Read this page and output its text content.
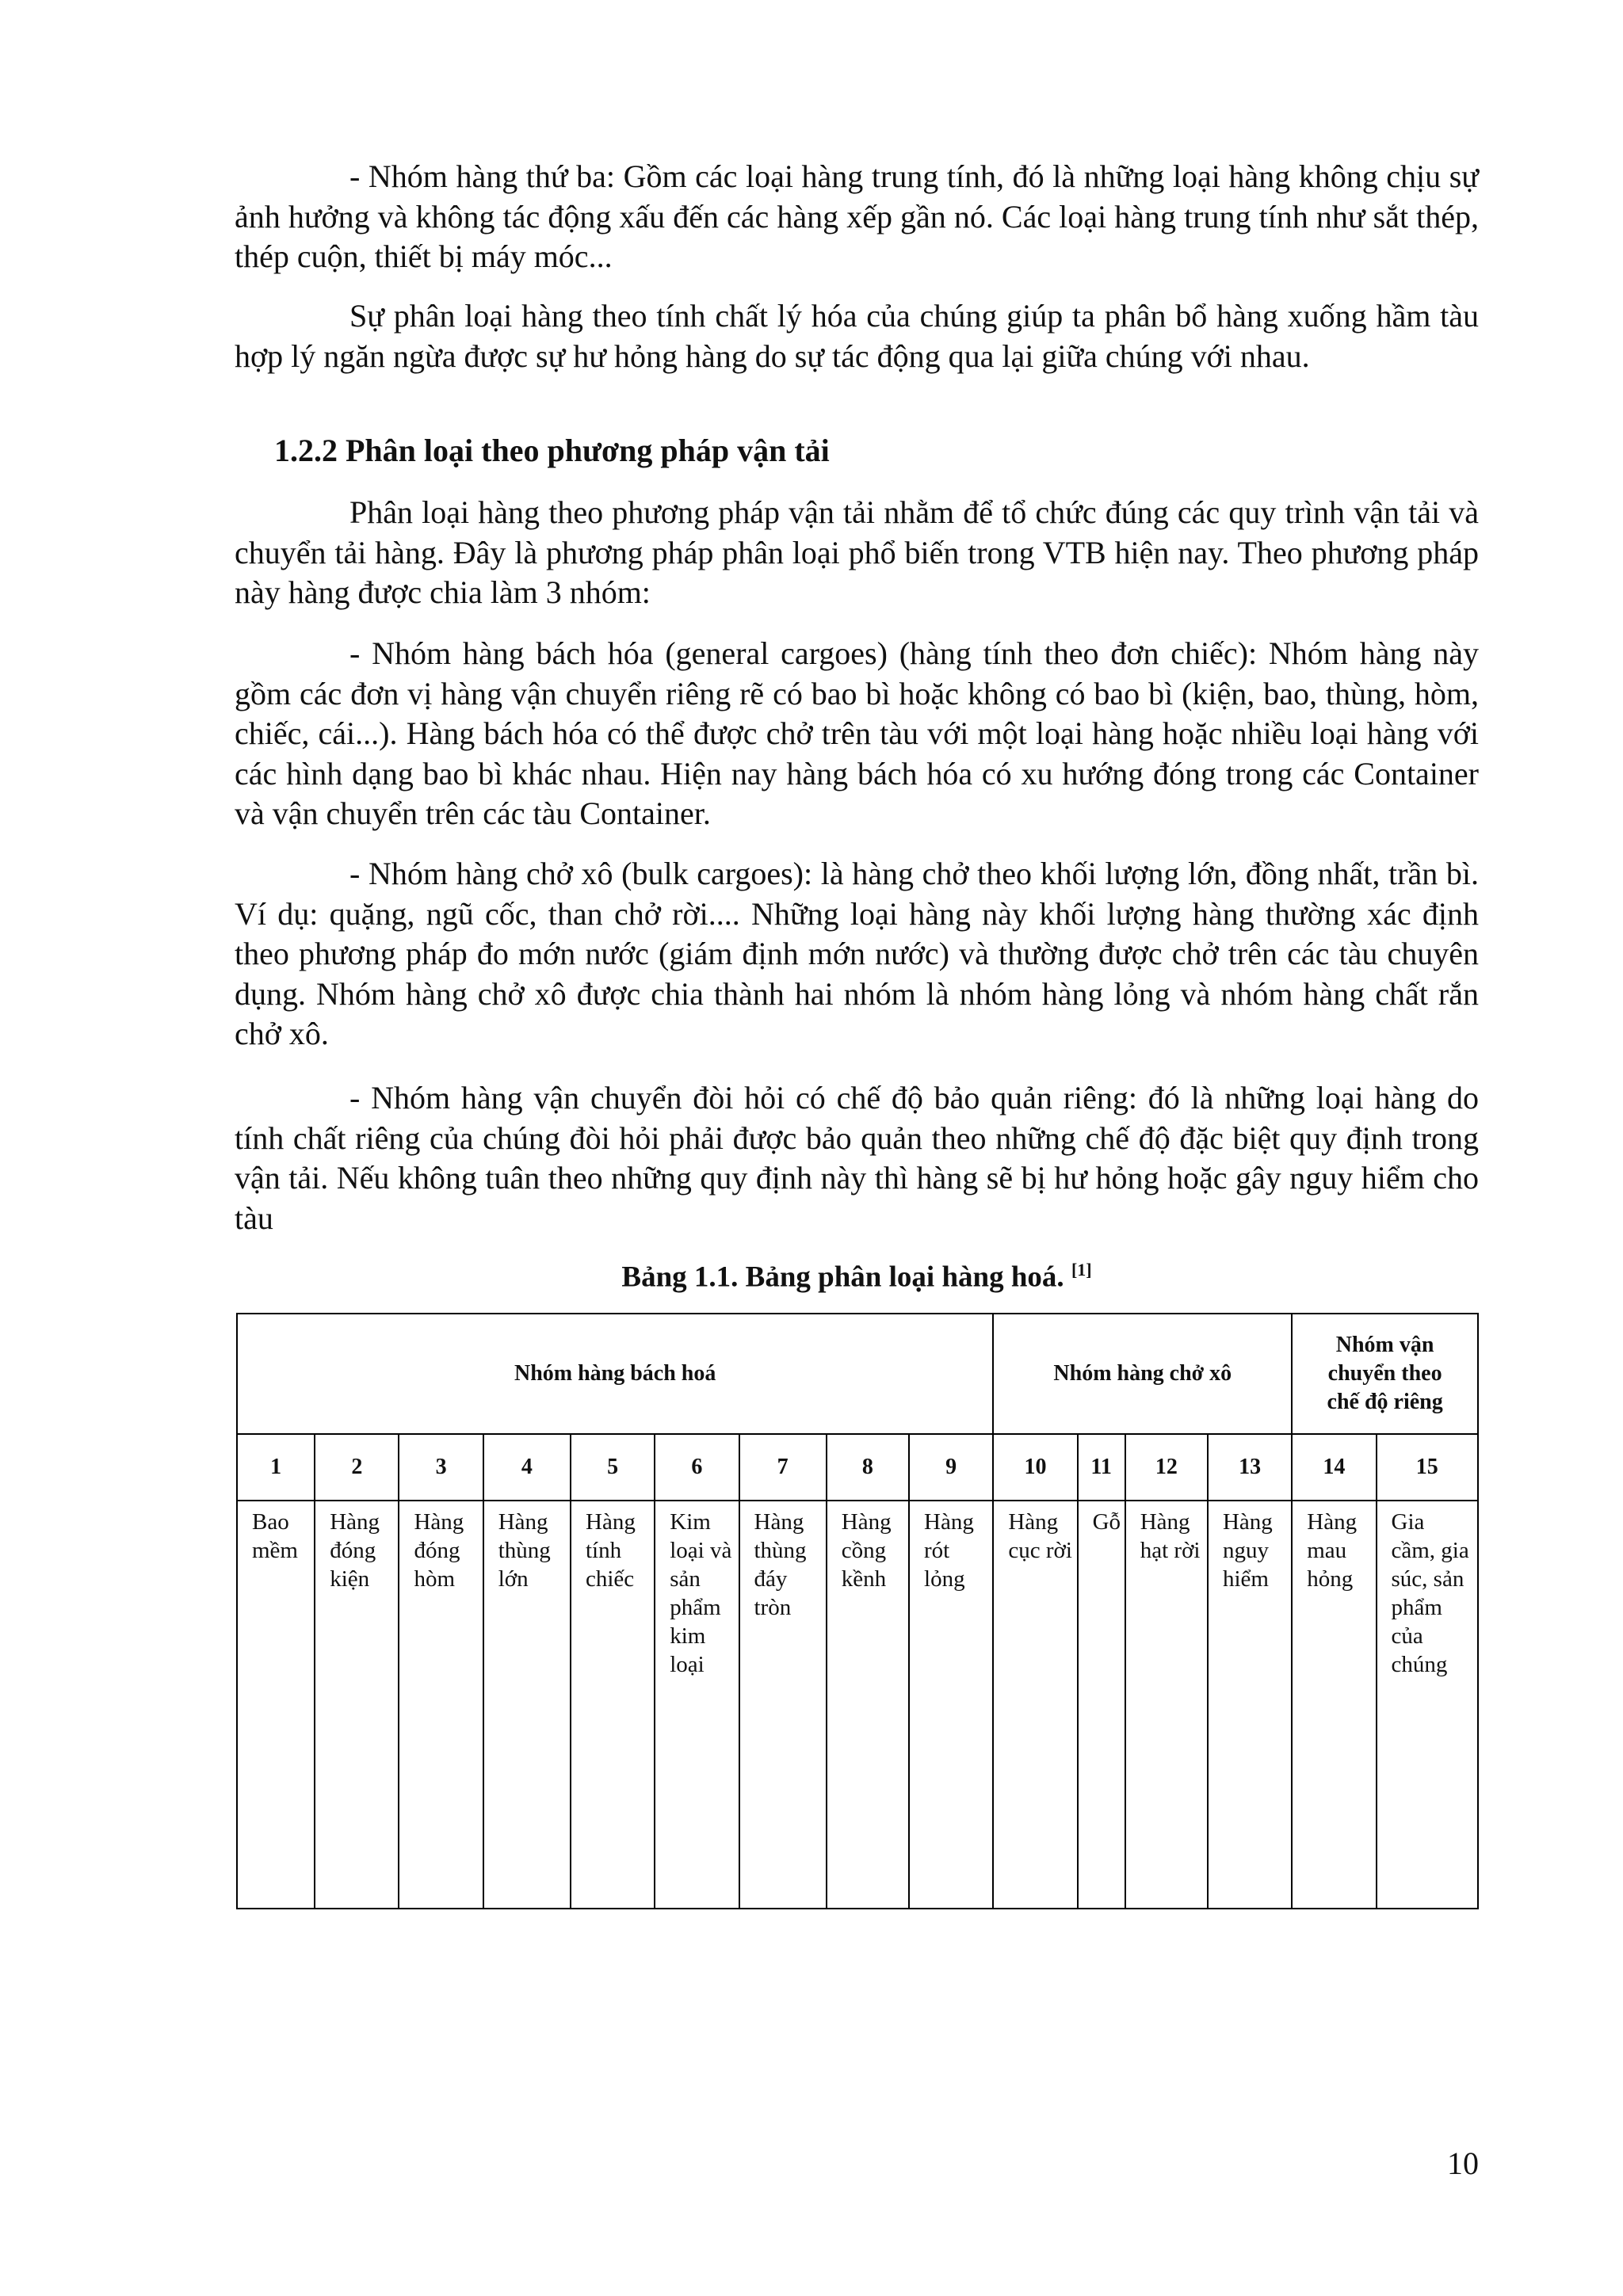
- Nhóm hàng thứ ba: Gồm các loại hàng trung tính, đó là những loại hàng không chịu sự ảnh hưởng và không tác động xấu đến các hàng xếp gần nó. Các loại hàng trung tính như sắt thép, thép cuộn, thiết bị máy móc...

Sự phân loại hàng theo tính chất lý hóa của chúng giúp ta phân bổ hàng xuống hầm tàu hợp lý ngăn ngừa được sự hư hỏng hàng do sự tác động qua lại giữa chúng với nhau.

1.2.2 Phân loại theo phương pháp vận tải

Phân loại hàng theo phương pháp vận tải nhằm để tổ chức đúng các quy trình vận tải và chuyển tải hàng. Đây là phương pháp phân loại phổ biến trong VTB hiện nay. Theo phương pháp này hàng được chia làm 3 nhóm:

- Nhóm hàng bách hóa (general cargoes) (hàng tính theo đơn chiếc): Nhóm hàng này gồm các đơn vị hàng vận chuyển riêng rẽ có bao bì hoặc không có bao bì (kiện, bao, thùng, hòm, chiếc, cái...). Hàng bách hóa có thể được chở trên tàu với một loại hàng hoặc nhiều loại hàng với các hình dạng bao bì khác nhau. Hiện nay hàng bách hóa có xu hướng đóng trong các Container và vận chuyển trên các tàu Container.

- Nhóm hàng chở xô (bulk cargoes): là hàng chở theo khối lượng lớn, đồng nhất, trần bì. Ví dụ: quặng, ngũ cốc, than chở rời.... Những loại hàng này khối lượng hàng thường xác định theo phương pháp đo mớn nước (giám định mớn nước) và thường được chở trên các tàu chuyên dụng. Nhóm hàng chở xô được chia thành hai nhóm là nhóm hàng lỏng và nhóm hàng chất rắn chở xô.

- Nhóm hàng vận chuyển đòi hỏi có chế độ bảo quản riêng: đó là những loại hàng do tính chất riêng của chúng đòi hỏi phải được bảo quản theo những chế độ đặc biệt quy định trong vận tải. Nếu không tuân theo những quy định này thì hàng sẽ bị hư hỏng hoặc gây nguy hiểm cho tàu

Bảng 1.1. Bảng phân loại hàng hoá. [1]

Nhóm hàng bách hoá									Nhóm hàng chở xô				Nhóm vận chuyển theo chế độ riêng	
1	2	3	4	5	6	7	8	9	10	11	12	13	14	15
Bao mềm	Hàng đóng kiện	Hàng đóng hòm	Hàng thùng lớn	Hàng tính chiếc	Kim loại và sản phẩm kim loại	Hàng thùng đáy tròn	Hàng cồng kềnh	Hàng rót lỏng	Hàng cục rời	Gỗ	Hàng hạt rời	Hàng nguy hiểm	Hàng mau hỏng	Gia cầm, gia súc, sản phẩm của chúng

10
